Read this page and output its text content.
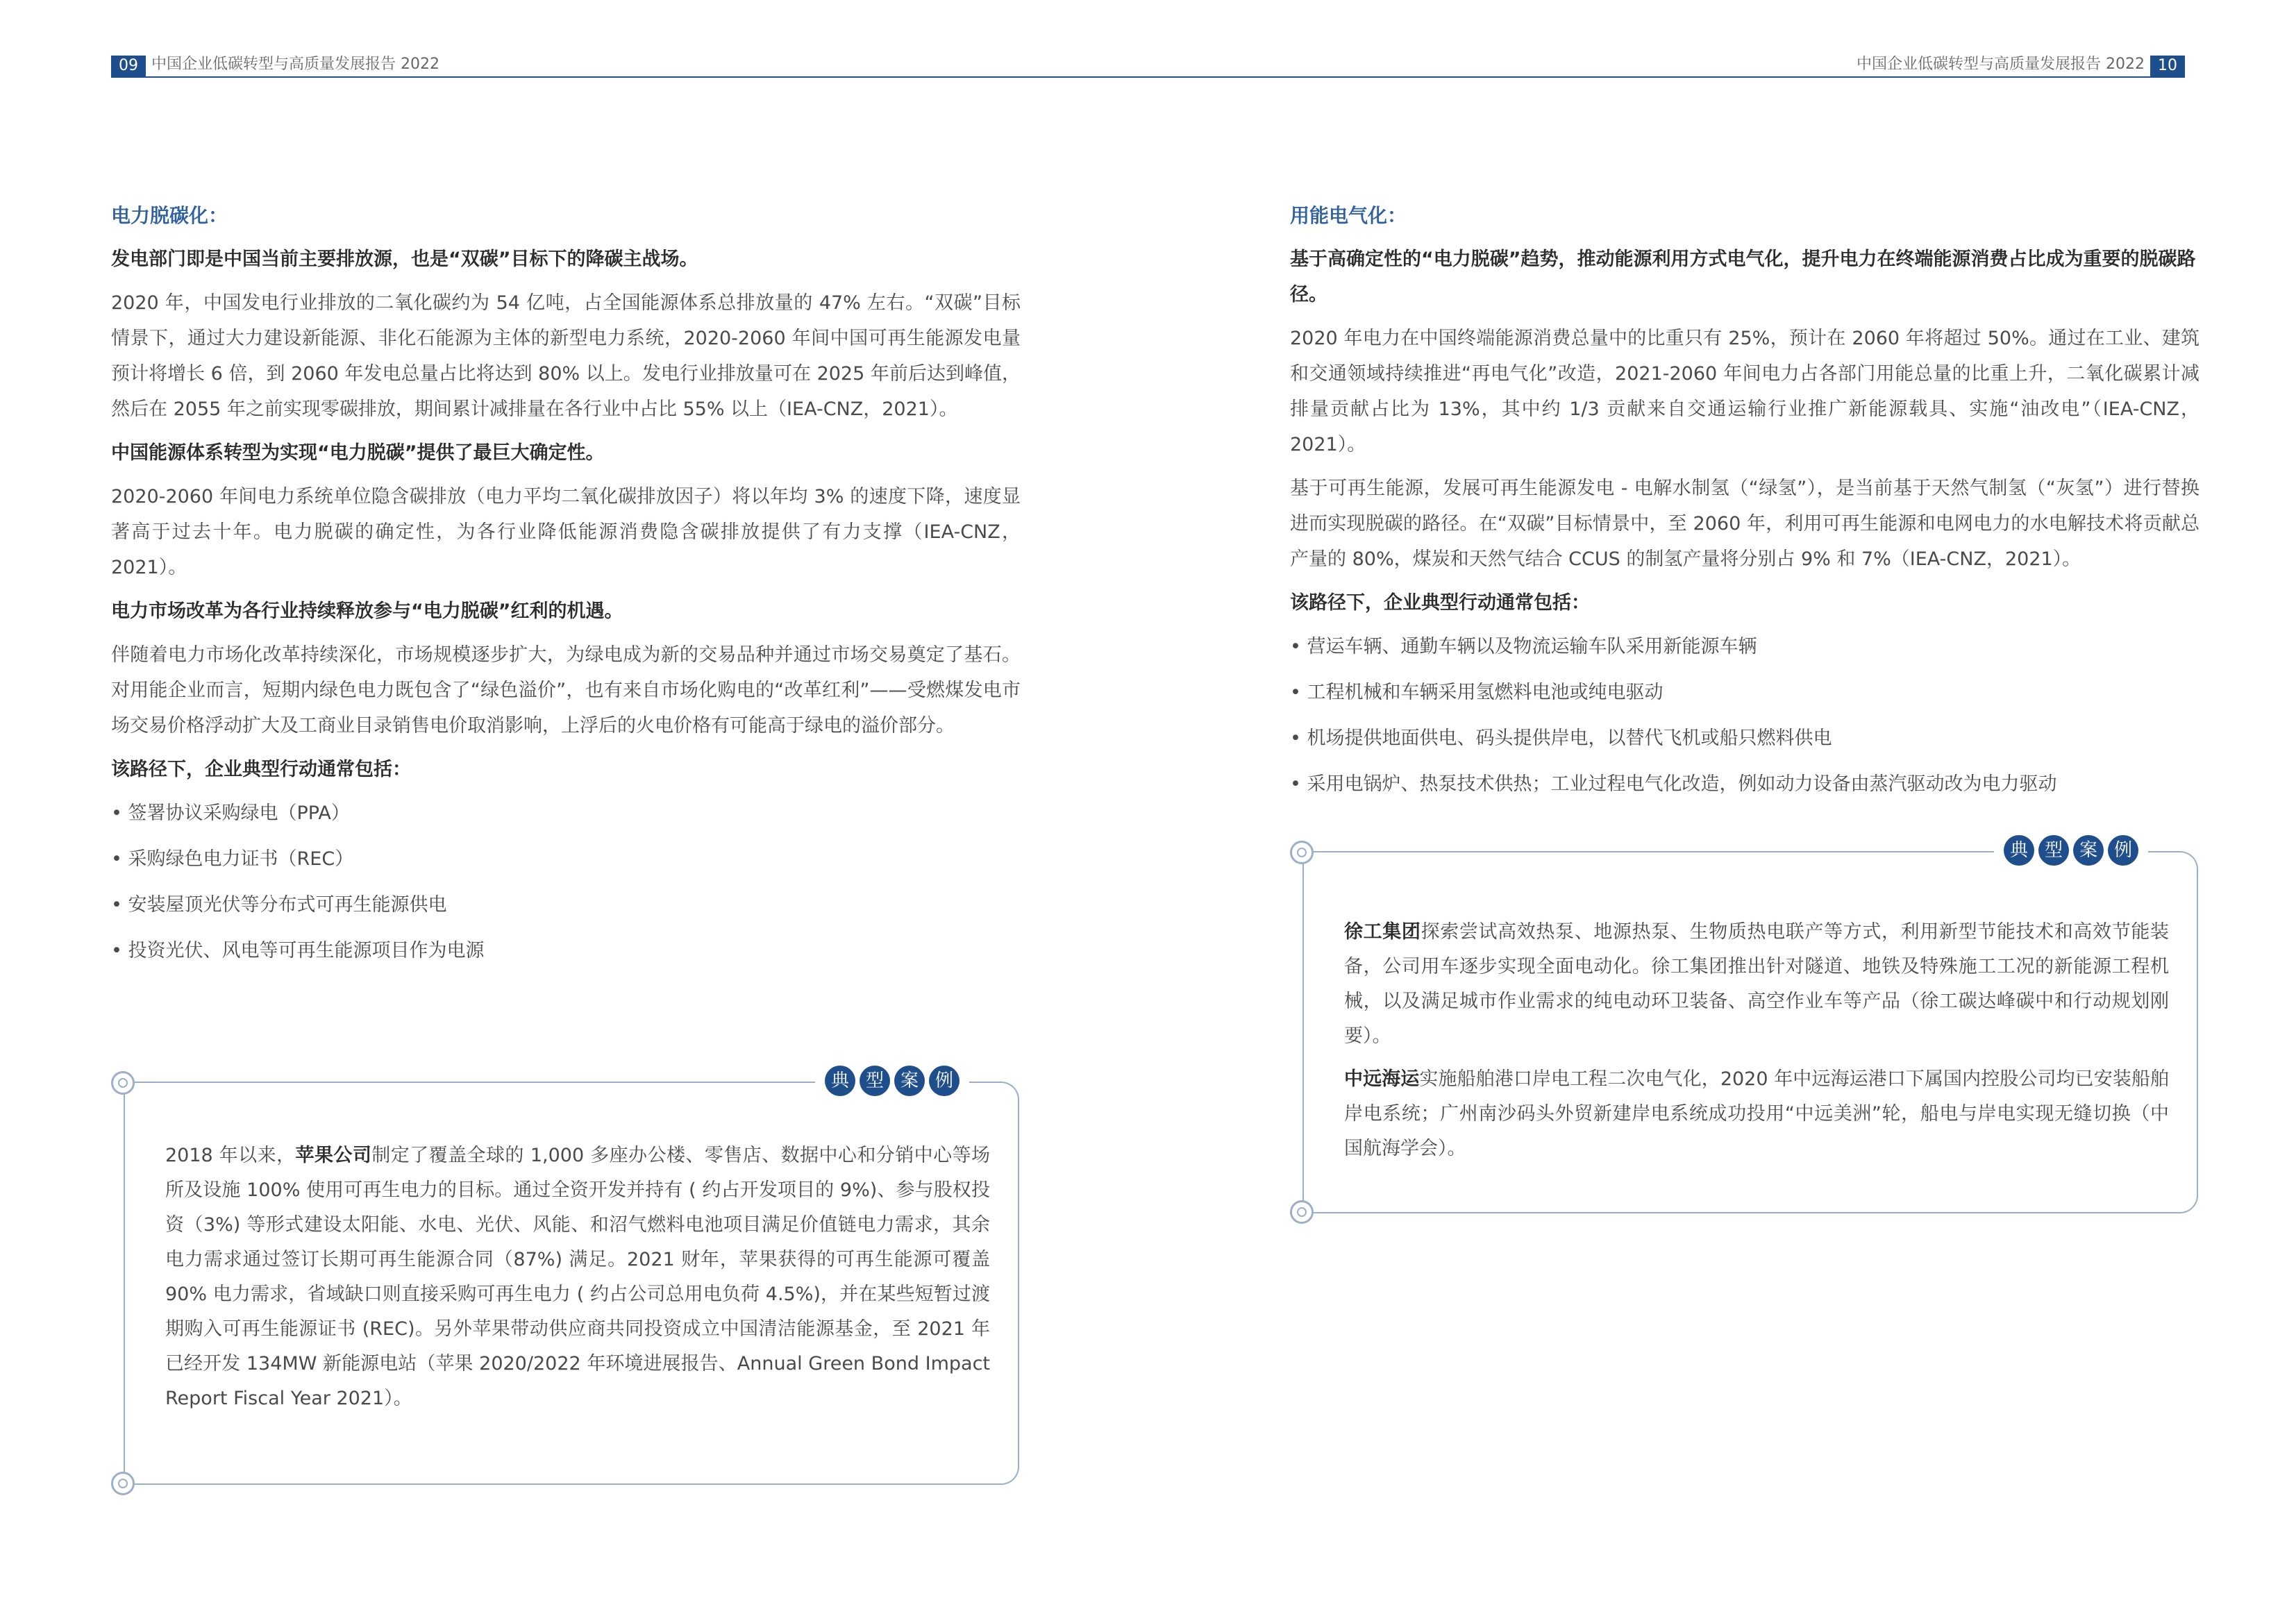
09 中国企业低碳转型与高质量发展报告 2022	中国企业低碳转型与高质量发展报告 2022 10

电力脱碳化：

发电部门即是中国当前主要排放源，也是“双碳”目标下的降碳主战场。

2020 年，中国发电行业排放的二氧化碳约为 54 亿吨，占全国能源体系总排放量的 47% 左右。“双碳”目标情景下，通过大力建设新能源、非化石能源为主体的新型电力系统，2020-2060 年间中国可再生能源发电量预计将增长 6 倍，到 2060 年发电总量占比将达到 80% 以上。发电行业排放量可在 2025 年前后达到峰值，然后在 2055 年之前实现零碳排放，期间累计减排量在各行业中占比 55% 以上（IEA-CNZ，2021）。

中国能源体系转型为实现“电力脱碳”提供了最巨大确定性。

2020-2060 年间电力系统单位隐含碳排放（电力平均二氧化碳排放因子）将以年均 3% 的速度下降，速度显著高于过去十年。电力脱碳的确定性，为各行业降低能源消费隐含碳排放提供了有力支撑（IEA-CNZ，2021）。

电力市场改革为各行业持续释放参与“电力脱碳”红利的机遇。

伴随着电力市场化改革持续深化，市场规模逐步扩大，为绿电成为新的交易品种并通过市场交易奠定了基石。对用能企业而言，短期内绿色电力既包含了“绿色溢价”，也有来自市场化购电的“改革红利”——受燃煤发电市场交易价格浮动扩大及工商业目录销售电价取消影响，上浮后的火电价格有可能高于绿电的溢价部分。

该路径下，企业典型行动通常包括：

• 签署协议采购绿电（PPA）
• 采购绿色电力证书（REC）
• 安装屋顶光伏等分布式可再生能源供电
• 投资光伏、风电等可再生能源项目作为电源
典 型 案 例

2018 年以来，苹果公司制定了覆盖全球的 1,000 多座办公楼、零售店、数据中心和分销中心等场所及设施 100% 使用可再生电力的目标。通过全资开发并持有 ( 约占开发项目的 9%)、参与股权投资（3%) 等形式建设太阳能、水电、光伏、风能、和沼气燃料电池项目满足价值链电力需求，其余电力需求通过签订长期可再生能源合同（87%) 满足。2021 财年，苹果获得的可再生能源可覆盖 90% 电力需求，省域缺口则直接采购可再生电力 ( 约占公司总用电负荷 4.5%)，并在某些短暂过渡期购入可再生能源证书 (REC)。另外苹果带动供应商共同投资成立中国清洁能源基金，至 2021 年已经开发 134MW 新能源电站（苹果 2020/2022 年环境进展报告、Annual Green Bond Impact Report Fiscal Year 2021）。

用能电气化：

基于高确定性的“电力脱碳”趋势，推动能源利用方式电气化，提升电力在终端能源消费占比成为重要的脱碳路径。

2020 年电力在中国终端能源消费总量中的比重只有 25%，预计在 2060 年将超过 50%。通过在工业、建筑和交通领域持续推进“再电气化”改造，2021-2060 年间电力占各部门用能总量的比重上升，二氧化碳累计减排量贡献占比为 13%，其中约 1/3 贡献来自交通运输行业推广新能源载具、实施“油改电”（IEA-CNZ，2021）。

基于可再生能源，发展可再生能源发电 - 电解水制氢（“绿氢”），是当前基于天然气制氢（“灰氢”）进行替换进而实现脱碳的路径。在“双碳”目标情景中，至 2060 年，利用可再生能源和电网电力的水电解技术将贡献总产量的 80%，煤炭和天然气结合 CCUS 的制氢产量将分别占 9% 和 7%（IEA-CNZ，2021）。

该路径下，企业典型行动通常包括：

• 营运车辆、通勤车辆以及物流运输车队采用新能源车辆
• 工程机械和车辆采用氢燃料电池或纯电驱动
• 机场提供地面供电、码头提供岸电，以替代飞机或船只燃料供电
• 采用电锅炉、热泵技术供热；工业过程电气化改造，例如动力设备由蒸汽驱动改为电力驱动
典 型 案 例

徐工集团探索尝试高效热泵、地源热泵、生物质热电联产等方式，利用新型节能技术和高效节能装备，公司用车逐步实现全面电动化。徐工集团推出针对隧道、地铁及特殊施工工况的新能源工程机械，以及满足城市作业需求的纯电动环卫装备、高空作业车等产品（徐工碳达峰碳中和行动规划刚要）。

中远海运实施船舶港口岸电工程二次电气化，2020 年中远海运港口下属国内控股公司均已安装船舶岸电系统；广州南沙码头外贸新建岸电系统成功投用“中远美洲”轮，船电与岸电实现无缝切换（中国航海学会）。
